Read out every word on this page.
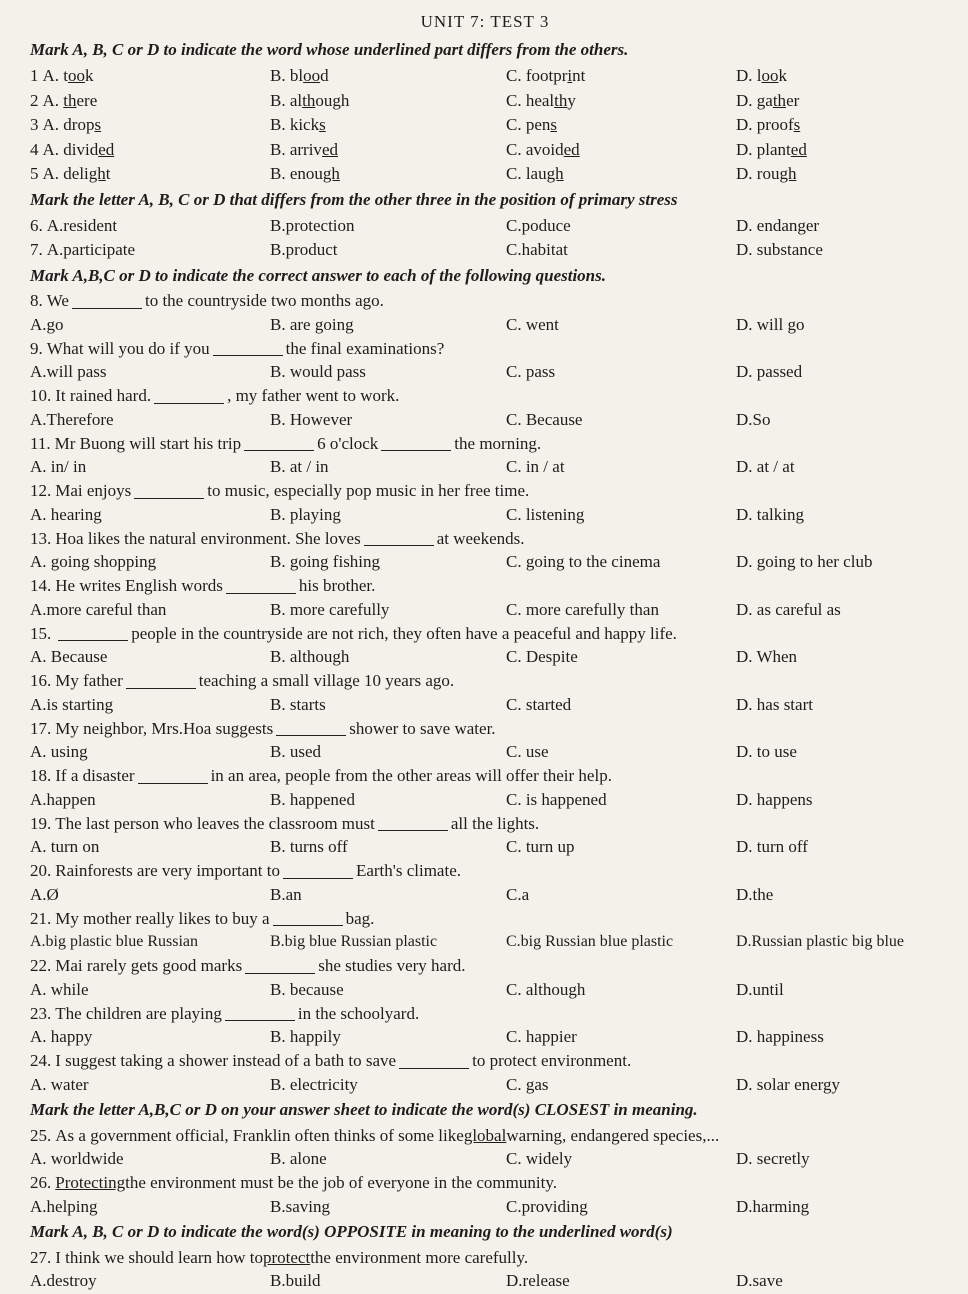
UNIT 7: TEST 3
Mark A, B, C or D to indicate the word whose underlined part differs from the others.
1 A. took	B. blood	C. footprint	D. look
2 A. there	B. although	C. healthy	D. gather
3 A. drops	B. kicks	C. pens	D. proofs
4 A. divided	B. arrived	C. avoided	D. planted
5 A. delight	B. enough	C. laugh	D. rough
Mark the letter A, B, C or D that differs from the other three in the position of primary stress
6. A.resident	B.protection	C.poduce	D. endanger
7. A.participate	B.product	C.habitat	D. substance
Mark A,B,C or D to indicate the correct answer to each of the following questions.
8. We	to the countryside two months ago.
A.go	B. are going	C. went	D. will go
9. What will you do if you	the final examinations?
A.will pass	B. would pass	C. pass	D. passed
10. It rained hard.	, my father went to work.
A.Therefore	B. However	C. Because	D.So
11. Mr Buong will start his trip	6 o'clock	the morning.
A. in/ in	B. at / in	C. in / at	D. at / at
12. Mai enjoys	to music, especially pop music in her free time.
A. hearing	B. playing	C. listening	D. talking
13. Hoa likes the natural environment. She loves	at weekends.
A. going shopping	B. going fishing	C. going to the cinema	D. going to her club
14. He writes English words	his brother.
A.more careful than	B. more carefully	C. more carefully than	D. as careful as
15.	people in the countryside are not rich, they often have a peaceful and happy life.
A. Because	B. although	C. Despite	D. When
16. My father	teaching a small village 10 years ago.
A.is starting	B. starts	C. started	D. has start
17. My neighbor, Mrs.Hoa suggests	shower to save water.
A. using	B. used	C. use	D. to use
18. If a disaster	in an area, people from the other areas will offer their help.
A.happen	B. happened	C. is happened	D. happens
19. The last person who leaves the classroom must	all the lights.
A. turn on	B. turns off	C. turn up	D. turn off
20. Rainforests are very important to	Earth's climate.
A.Ø	B.an	C.a	D.the
21. My mother really likes to buy a	bag.
A.big plastic blue Russian	B.big blue Russian plastic	C.big Russian blue plastic	D.Russian plastic big blue
22. Mai rarely gets good marks	she studies very hard.
A. while	B. because	C. although	D.until
23. The children are playing	in the schoolyard.
A. happy	B. happily	C. happier	D. happiness
24. I suggest taking a shower instead of a bath to save	to protect environment.
A. water	B. electricity	C. gas	D. solar energy
Mark the letter A,B,C or D on your answer sheet to indicate the word(s) CLOSEST in meaning.
25. As a government official, Franklin often thinks of some like global warning, endangered species,...
A. worldwide	B. alone	C. widely	D. secretly
26. Protecting the environment must be the job of everyone in the community.
A.helping	B.saving	C.providing	D.harming
Mark A, B, C or D to indicate the word(s) OPPOSITE in meaning to the underlined word(s)
27. I think we should learn how to protect the environment more carefully.
A.destroy	B.build	D.release	D.save
